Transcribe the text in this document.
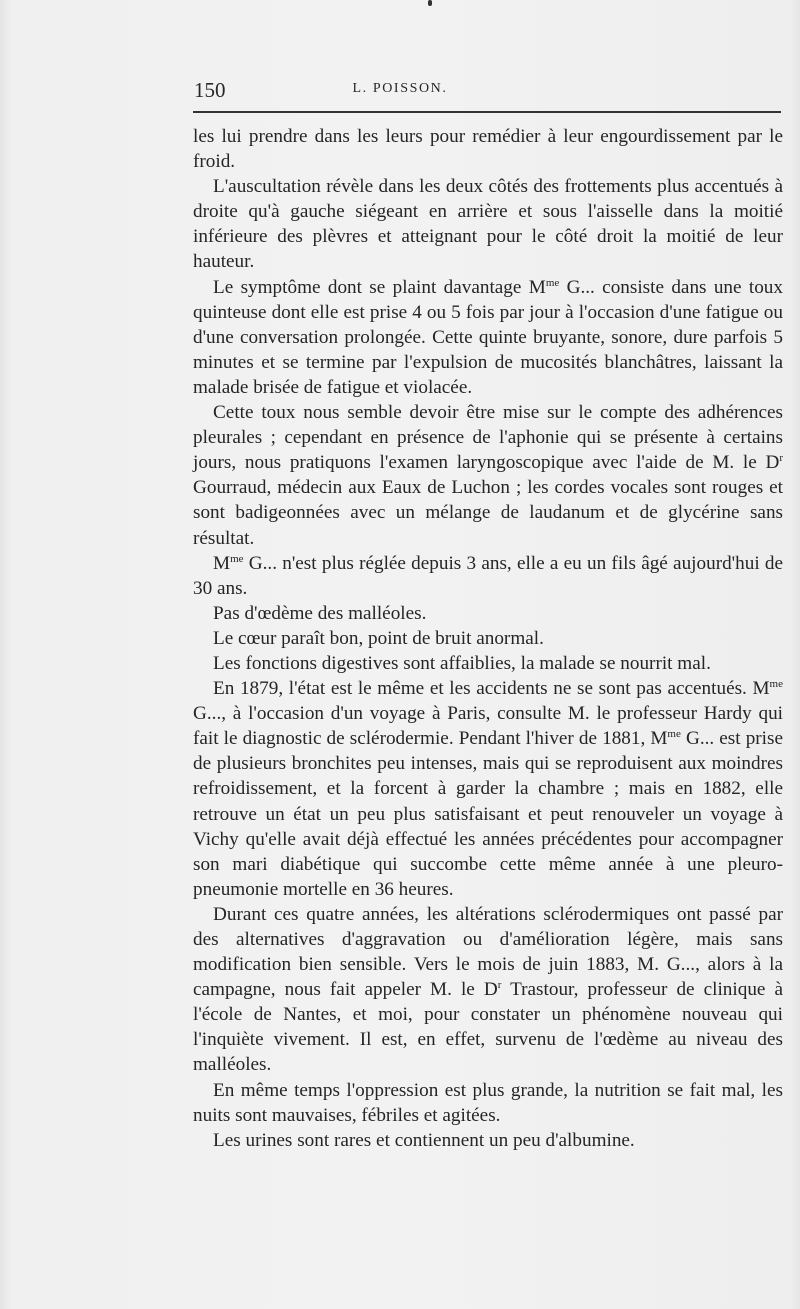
150	L. POISSON.

les lui prendre dans les leurs pour remédier à leur engourdissement par le froid.

L'auscultation révèle dans les deux côtés des frottements plus accentués à droite qu'à gauche siégeant en arrière et sous l'aisselle dans la moitié inférieure des plèvres et atteignant pour le côté droit la moitié de leur hauteur.

Le symptôme dont se plaint davantage $M^{me}$ G... consiste dans une toux quinteuse dont elle est prise 4 ou 5 fois par jour à l'occasion d'une fatigue ou d'une conversation prolongée. Cette quinte bruyante, sonore, dure parfois 5 minutes et se termine par l'expulsion de mucosités blanchâtres, laissant la malade brisée de fatigue et violacée.

Cette toux nous semble devoir être mise sur le compte des adhérences pleurales ; cependant en présence de l'aphonie qui se présente à certains jours, nous pratiquons l'examen laryngoscopique avec l'aide de M. le $D^r$ Gourraud, médecin aux Eaux de Luchon ; les cordes vocales sont rouges et sont badigeonnées avec un mélange de laudanum et de glycérine sans résultat.

$M^{me}$ G... n'est plus réglée depuis 3 ans, elle a eu un fils âgé aujourd'hui de 30 ans.

Pas d'œdème des malléoles.

Le cœur paraît bon, point de bruit anormal.

Les fonctions digestives sont affaiblies, la malade se nourrit mal.

En 1879, l'état est le même et les accidents ne se sont pas accentués. $M^{me}$ G..., à l'occasion d'un voyage à Paris, consulte M. le professeur Hardy qui fait le diagnostic de sclérodermie. Pendant l'hiver de 1881, $M^{me}$ G... est prise de plusieurs bronchites peu intenses, mais qui se reproduisent aux moindres refroidissement, et la forcent à garder la chambre ; mais en 1882, elle retrouve un état un peu plus satisfaisant et peut renouveler un voyage à Vichy qu'elle avait déjà effectué les années précédentes pour accompagner son mari diabétique qui succombe cette même année à une pleuro-pneumonie mortelle en 36 heures.

Durant ces quatre années, les altérations sclérodermiques ont passé par des alternatives d'aggravation ou d'amélioration légère, mais sans modification bien sensible. Vers le mois de juin 1883, M. G..., alors à la campagne, nous fait appeler M. le $D^r$ Trastour, professeur de clinique à l'école de Nantes, et moi, pour constater un phénomène nouveau qui l'inquiète vivement. Il est, en effet, survenu de l'œdème au niveau des malléoles.

En même temps l'oppression est plus grande, la nutrition se fait mal, les nuits sont mauvaises, fébriles et agitées.

Les urines sont rares et contiennent un peu d'albumine.
